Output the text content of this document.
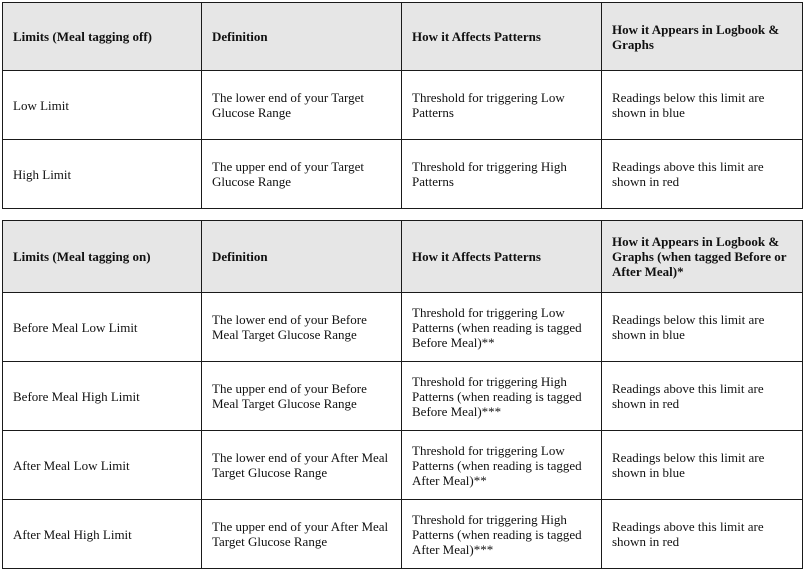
Limits (Meal tagging off)	Definition	How it Affects Patterns	How it Appears in Logbook & Graphs
Low Limit	The lower end of your Target Glucose Range	Threshold for triggering Low Patterns	Readings below this limit are shown in blue
High Limit	The upper end of your Target Glucose Range	Threshold for triggering High Patterns	Readings above this limit are shown in red
Limits (Meal tagging on)	Definition	How it Affects Patterns	How it Appears in Logbook & Graphs (when tagged Before or After Meal)*
Before Meal Low Limit	The lower end of your Before Meal Target Glucose Range	Threshold for triggering Low Patterns (when reading is tagged Before Meal)**	Readings below this limit are shown in blue
Before Meal High Limit	The upper end of your Before Meal Target Glucose Range	Threshold for triggering High Patterns (when reading is tagged Before Meal)***	Readings above this limit are shown in red
After Meal Low Limit	The lower end of your After Meal Target Glucose Range	Threshold for triggering Low Patterns (when reading is tagged After Meal)**	Readings below this limit are shown in blue
After Meal High Limit	The upper end of your After Meal Target Glucose Range	Threshold for triggering High Patterns (when reading is tagged After Meal)***	Readings above this limit are shown in red
